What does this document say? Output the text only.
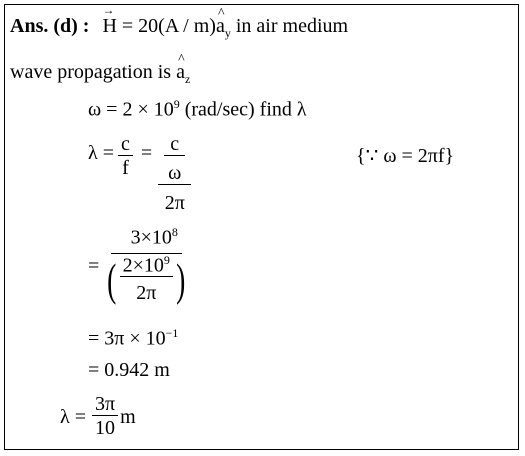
Ans. (d) : → H = 20(A / m)^ $a_y$ in air medium
wave propagation is ^ $a_z$
$\omega = 2 \times 10^9$ (rad/sec) find λ
$\lambda = \frac{c}{f} = \frac{c}{\frac{\omega}{2\pi}}$	{∵ ω = 2πf}
= $\frac{3\times 10^8}{( \frac{2\times 10^9}{2\pi} )}$
= $3\pi \times 10^{-1}$
= 0.942 m
$\lambda = \frac{3\pi}{10}$ m
